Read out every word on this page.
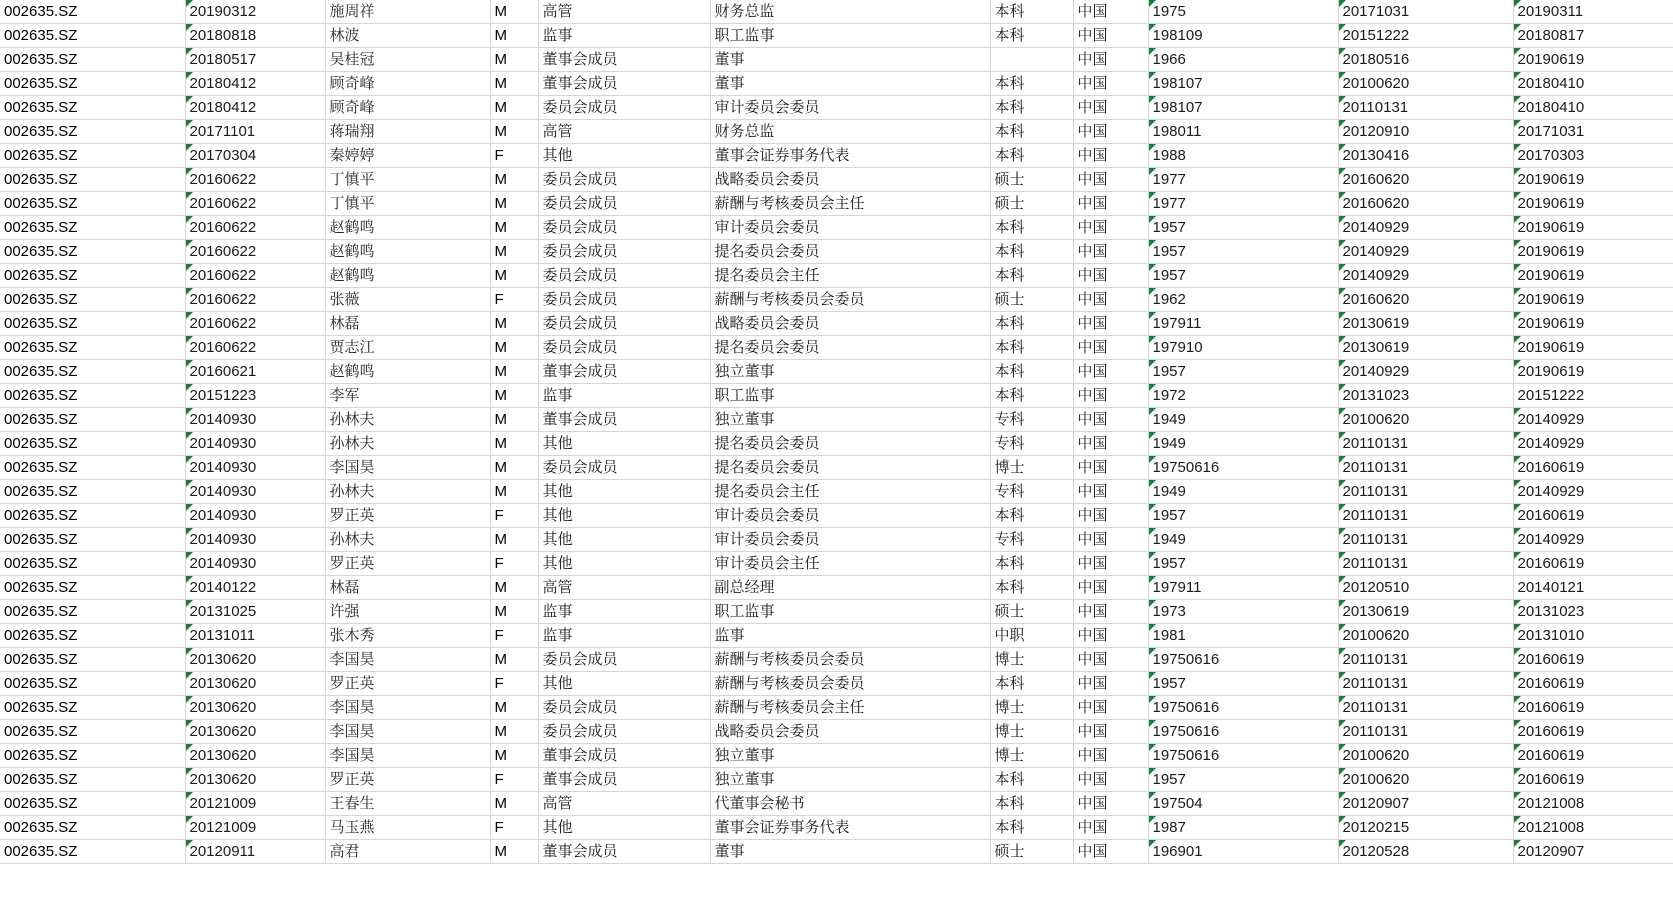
002635.SZ	20190312	施周祥	M	高管	财务总监	本科	中国	1975	20171031	20190311
002635.SZ	20180818	林波	M	监事	职工监事	本科	中国	198109	20151222	20180817
002635.SZ	20180517	吴桂冠	M	董事会成员	董事		中国	1966	20180516	20190619
002635.SZ	20180412	顾奇峰	M	董事会成员	董事	本科	中国	198107	20100620	20180410
002635.SZ	20180412	顾奇峰	M	委员会成员	审计委员会委员	本科	中国	198107	20110131	20180410
002635.SZ	20171101	蒋瑞翔	M	高管	财务总监	本科	中国	198011	20120910	20171031
002635.SZ	20170304	秦婷婷	F	其他	董事会证券事务代表	本科	中国	1988	20130416	20170303
002635.SZ	20160622	丁慎平	M	委员会成员	战略委员会委员	硕士	中国	1977	20160620	20190619
002635.SZ	20160622	丁慎平	M	委员会成员	薪酬与考核委员会主任	硕士	中国	1977	20160620	20190619
002635.SZ	20160622	赵鹤鸣	M	委员会成员	审计委员会委员	本科	中国	1957	20140929	20190619
002635.SZ	20160622	赵鹤鸣	M	委员会成员	提名委员会委员	本科	中国	1957	20140929	20190619
002635.SZ	20160622	赵鹤鸣	M	委员会成员	提名委员会主任	本科	中国	1957	20140929	20190619
002635.SZ	20160622	张薇	F	委员会成员	薪酬与考核委员会委员	硕士	中国	1962	20160620	20190619
002635.SZ	20160622	林磊	M	委员会成员	战略委员会委员	本科	中国	197911	20130619	20190619
002635.SZ	20160622	贾志江	M	委员会成员	提名委员会委员	本科	中国	197910	20130619	20190619
002635.SZ	20160621	赵鹤鸣	M	董事会成员	独立董事	本科	中国	1957	20140929	20190619
002635.SZ	20151223	李军	M	监事	职工监事	本科	中国	1972	20131023	20151222
002635.SZ	20140930	孙林夫	M	董事会成员	独立董事	专科	中国	1949	20100620	20140929
002635.SZ	20140930	孙林夫	M	其他	提名委员会委员	专科	中国	1949	20110131	20140929
002635.SZ	20140930	李国昊	M	委员会成员	提名委员会委员	博士	中国	19750616	20110131	20160619
002635.SZ	20140930	孙林夫	M	其他	提名委员会主任	专科	中国	1949	20110131	20140929
002635.SZ	20140930	罗正英	F	其他	审计委员会委员	本科	中国	1957	20110131	20160619
002635.SZ	20140930	孙林夫	M	其他	审计委员会委员	专科	中国	1949	20110131	20140929
002635.SZ	20140930	罗正英	F	其他	审计委员会主任	本科	中国	1957	20110131	20160619
002635.SZ	20140122	林磊	M	高管	副总经理	本科	中国	197911	20120510	20140121
002635.SZ	20131025	许强	M	监事	职工监事	硕士	中国	1973	20130619	20131023
002635.SZ	20131011	张木秀	F	监事	监事	中职	中国	1981	20100620	20131010
002635.SZ	20130620	李国昊	M	委员会成员	薪酬与考核委员会委员	博士	中国	19750616	20110131	20160619
002635.SZ	20130620	罗正英	F	其他	薪酬与考核委员会委员	本科	中国	1957	20110131	20160619
002635.SZ	20130620	李国昊	M	委员会成员	薪酬与考核委员会主任	博士	中国	19750616	20110131	20160619
002635.SZ	20130620	李国昊	M	委员会成员	战略委员会委员	博士	中国	19750616	20110131	20160619
002635.SZ	20130620	李国昊	M	董事会成员	独立董事	博士	中国	19750616	20100620	20160619
002635.SZ	20130620	罗正英	F	董事会成员	独立董事	本科	中国	1957	20100620	20160619
002635.SZ	20121009	王春生	M	高管	代董事会秘书	本科	中国	197504	20120907	20121008
002635.SZ	20121009	马玉燕	F	其他	董事会证券事务代表	本科	中国	1987	20120215	20121008
002635.SZ	20120911	高君	M	董事会成员	董事	硕士	中国	196901	20120528	20120907
